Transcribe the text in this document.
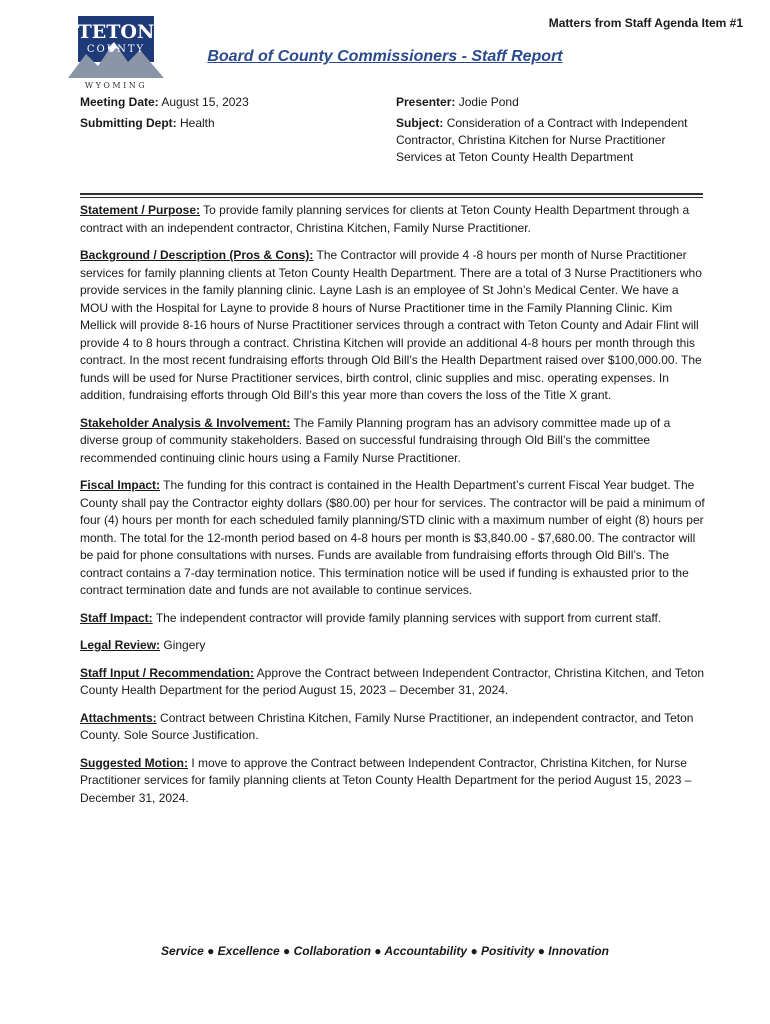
Matters from Staff Agenda Item #1
TETON
COUNTY
WYOMING
Board of County Commissioners - Staff Report
Meeting Date: August 15, 2023
Submitting Dept: Health
Presenter: Jodie Pond
Subject: Consideration of a Contract with Independent Contractor, Christina Kitchen for Nurse Practitioner Services at Teton County Health Department

Statement / Purpose: To provide family planning services for clients at Teton County Health Department through a contract with an independent contractor, Christina Kitchen, Family Nurse Practitioner.

Background / Description (Pros & Cons): The Contractor will provide 4 -8 hours per month of Nurse Practitioner services for family planning clients at Teton County Health Department. There are a total of 3 Nurse Practitioners who provide services in the family planning clinic. Layne Lash is an employee of St John’s Medical Center. We have a MOU with the Hospital for Layne to provide 8 hours of Nurse Practitioner time in the Family Planning Clinic. Kim Mellick will provide 8-16 hours of Nurse Practitioner services through a contract with Teton County and Adair Flint will provide 4 to 8 hours through a contract. Christina Kitchen will provide an additional 4-8 hours per month through this contract. In the most recent fundraising efforts through Old Bill’s the Health Department raised over $100,000.00. The funds will be used for Nurse Practitioner services, birth control, clinic supplies and misc. operating expenses. In addition, fundraising efforts through Old Bill’s this year more than covers the loss of the Title X grant.

Stakeholder Analysis & Involvement: The Family Planning program has an advisory committee made up of a diverse group of community stakeholders. Based on successful fundraising through Old Bill’s the committee recommended continuing clinic hours using a Family Nurse Practitioner.

Fiscal Impact: The funding for this contract is contained in the Health Department’s current Fiscal Year budget. The County shall pay the Contractor eighty dollars ($80.00) per hour for services. The contractor will be paid a minimum of four (4) hours per month for each scheduled family planning/STD clinic with a maximum number of eight (8) hours per month. The total for the 12-month period based on 4-8 hours per month is $3,840.00 - $7,680.00. The contractor will be paid for phone consultations with nurses. Funds are available from fundraising efforts through Old Bill’s. The contract contains a 7-day termination notice. This termination notice will be used if funding is exhausted prior to the contract termination date and funds are not available to continue services.

Staff Impact: The independent contractor will provide family planning services with support from current staff.

Legal Review: Gingery

Staff Input / Recommendation: Approve the Contract between Independent Contractor, Christina Kitchen, and Teton County Health Department for the period August 15, 2023 – December 31, 2024.

Attachments: Contract between Christina Kitchen, Family Nurse Practitioner, an independent contractor, and Teton County. Sole Source Justification.

Suggested Motion: I move to approve the Contract between Independent Contractor, Christina Kitchen, for Nurse Practitioner services for family planning clients at Teton County Health Department for the period August 15, 2023 – December 31, 2024.

Service ● Excellence ● Collaboration ● Accountability ● Positivity ● Innovation
